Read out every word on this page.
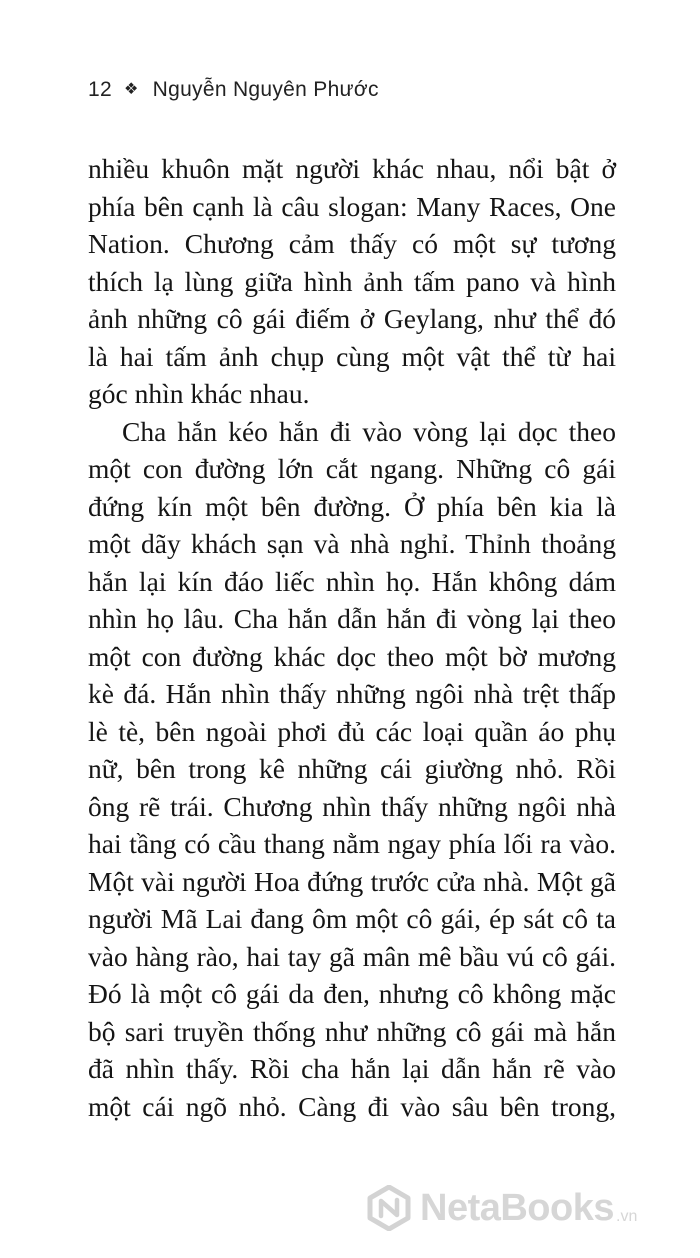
12 ❖ Nguyễn Nguyên Phước
nhiều khuôn mặt người khác nhau, nổi bật ở
phía bên cạnh là câu slogan: Many Races, One
Nation. Chương cảm thấy có một sự tương
thích lạ lùng giữa hình ảnh tấm pano và hình
ảnh những cô gái điếm ở Geylang, như thể đó
là hai tấm ảnh chụp cùng một vật thể từ hai
góc nhìn khác nhau.
Cha hắn kéo hắn đi vào vòng lại dọc theo
một con đường lớn cắt ngang. Những cô gái
đứng kín một bên đường. Ở phía bên kia là
một dãy khách sạn và nhà nghỉ. Thỉnh thoảng
hắn lại kín đáo liếc nhìn họ. Hắn không dám
nhìn họ lâu. Cha hắn dẫn hắn đi vòng lại theo
một con đường khác dọc theo một bờ mương
kè đá. Hắn nhìn thấy những ngôi nhà trệt thấp
lè tè, bên ngoài phơi đủ các loại quần áo phụ
nữ, bên trong kê những cái giường nhỏ. Rồi
ông rẽ trái. Chương nhìn thấy những ngôi nhà
hai tầng có cầu thang nằm ngay phía lối ra vào.
Một vài người Hoa đứng trước cửa nhà. Một gã
người Mã Lai đang ôm một cô gái, ép sát cô ta
vào hàng rào, hai tay gã mân mê bầu vú cô gái.
Đó là một cô gái da đen, nhưng cô không mặc
bộ sari truyền thống như những cô gái mà hắn
đã nhìn thấy. Rồi cha hắn lại dẫn hắn rẽ vào
một cái ngõ nhỏ. Càng đi vào sâu bên trong,
NetaBooks .vn
